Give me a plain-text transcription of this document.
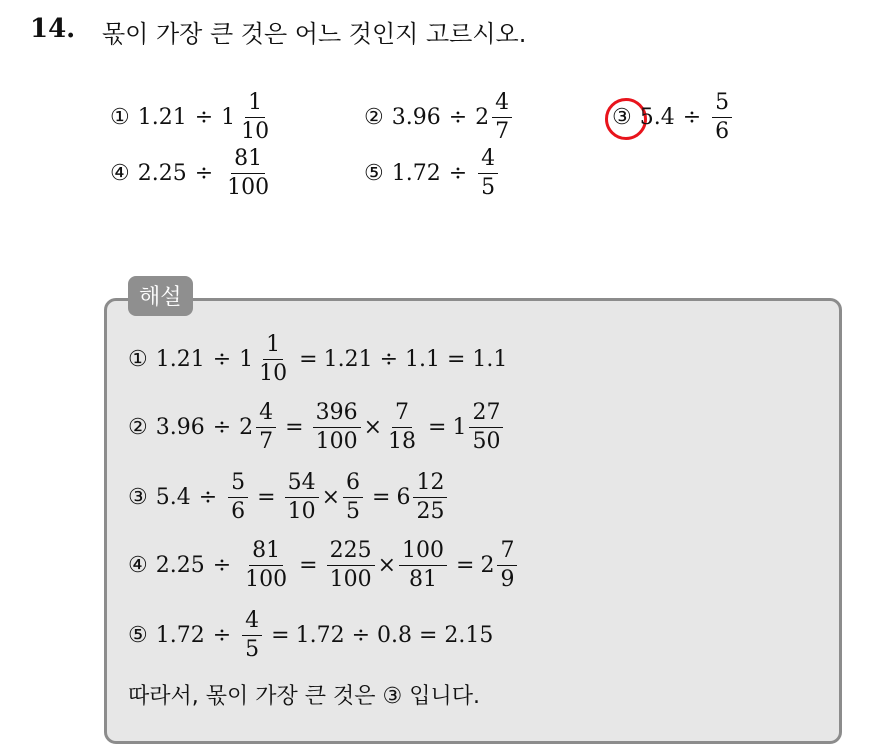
14. 몫이 가장 큰 것은 어느 것인지 고르시오.
① $1.21 \div 1 \frac{1}{10}$	② $3.96 \div 2 \frac{4}{7}$	③ $5.4 \div \frac{5}{6}$
④ $2.25 \div \frac{81}{100}$	⑤ $1.72 \div \frac{4}{5}$
해설
① $1.21 \div 1 \frac{1}{10} = 1.21 \div 1.1 = 1.1$
② $3.96 \div 2 \frac{4}{7} = \frac{396}{100} \times \frac{7}{18} = 1 \frac{27}{50}$
③ $5.4 \div \frac{5}{6} = \frac{54}{10} \times \frac{6}{5} = 6 \frac{12}{25}$
④ $2.25 \div \frac{81}{100} = \frac{225}{100} \times \frac{100}{81} = 2 \frac{7}{9}$
⑤ $1.72 \div \frac{4}{5} = 1.72 \div 0.8 = 2.15$
따라서, 몫이 가장 큰 것은 ③ 입니다.
